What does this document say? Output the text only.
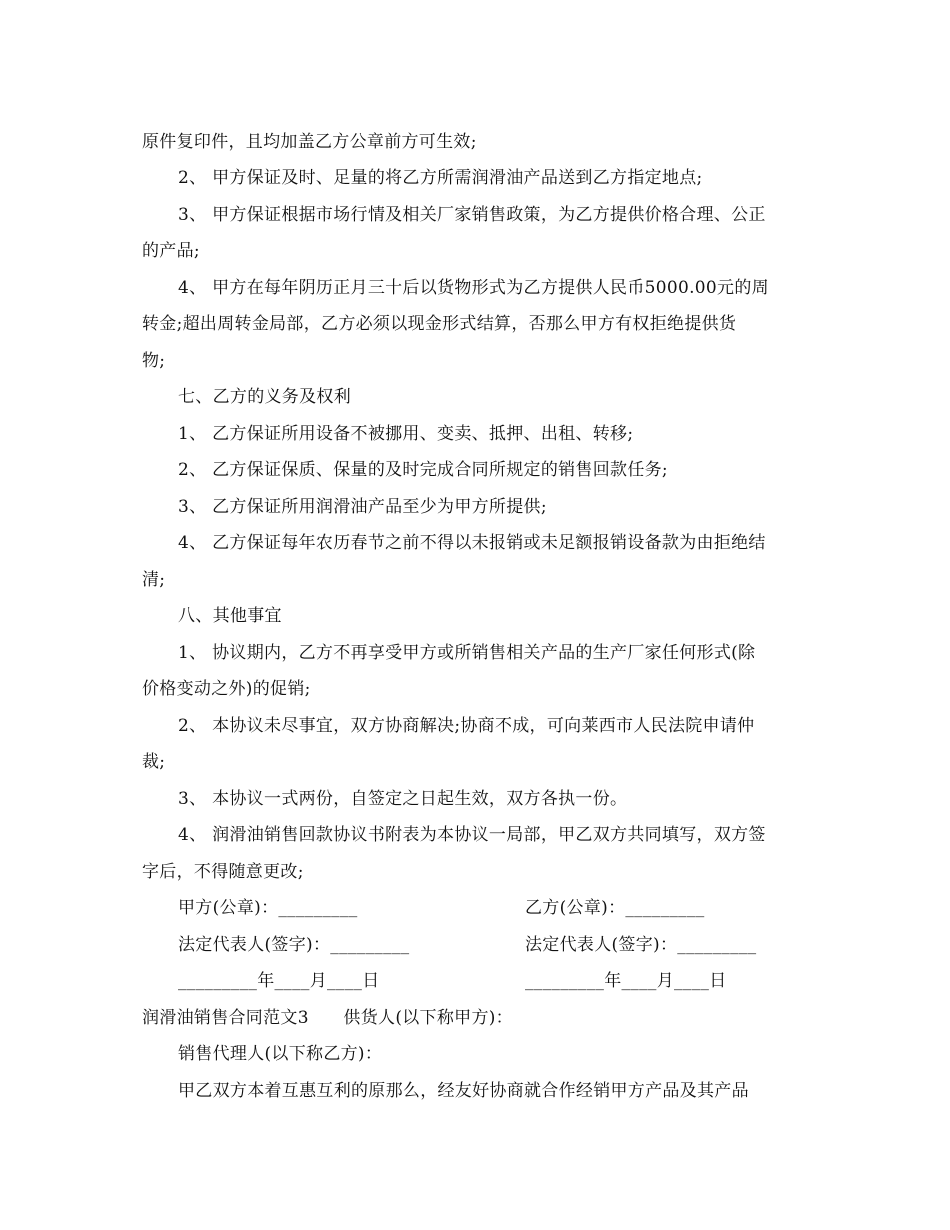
原件复印件，且均加盖乙方公章前方可生效;
2、 甲方保证及时、足量的将乙方所需润滑油产品送到乙方指定地点;
3、 甲方保证根据市场行情及相关厂家销售政策，为乙方提供价格合理、公正
的产品;
4、 甲方在每年阴历正月三十后以货物形式为乙方提供人民币5000.00元的周
转金;超出周转金局部，乙方必须以现金形式结算，否那么甲方有权拒绝提供货
物;
七、乙方的义务及权利
1、 乙方保证所用设备不被挪用、变卖、抵押、出租、转移;
2、 乙方保证保质、保量的及时完成合同所规定的销售回款任务;
3、 乙方保证所用润滑油产品至少为甲方所提供;
4、 乙方保证每年农历春节之前不得以未报销或未足额报销设备款为由拒绝结
清;
八、其他事宜
1、 协议期内，乙方不再享受甲方或所销售相关产品的生产厂家任何形式(除
价格变动之外)的促销;
2、 本协议未尽事宜，双方协商解决;协商不成，可向莱西市人民法院申请仲
裁;
3、 本协议一式两份，自签定之日起生效，双方各执一份。
4、 润滑油销售回款协议书附表为本协议一局部，甲乙双方共同填写，双方签
字后，不得随意更改;
甲方(公章)：_________	乙方(公章)：_________
法定代表人(签字)：_________	法定代表人(签字)：_________
_________年____月____日	_________年____月____日
润滑油销售合同范文3　　供货人(以下称甲方)：
销售代理人(以下称乙方)：
甲乙双方本着互惠互利的原那么，经友好协商就合作经销甲方产品及其产品
